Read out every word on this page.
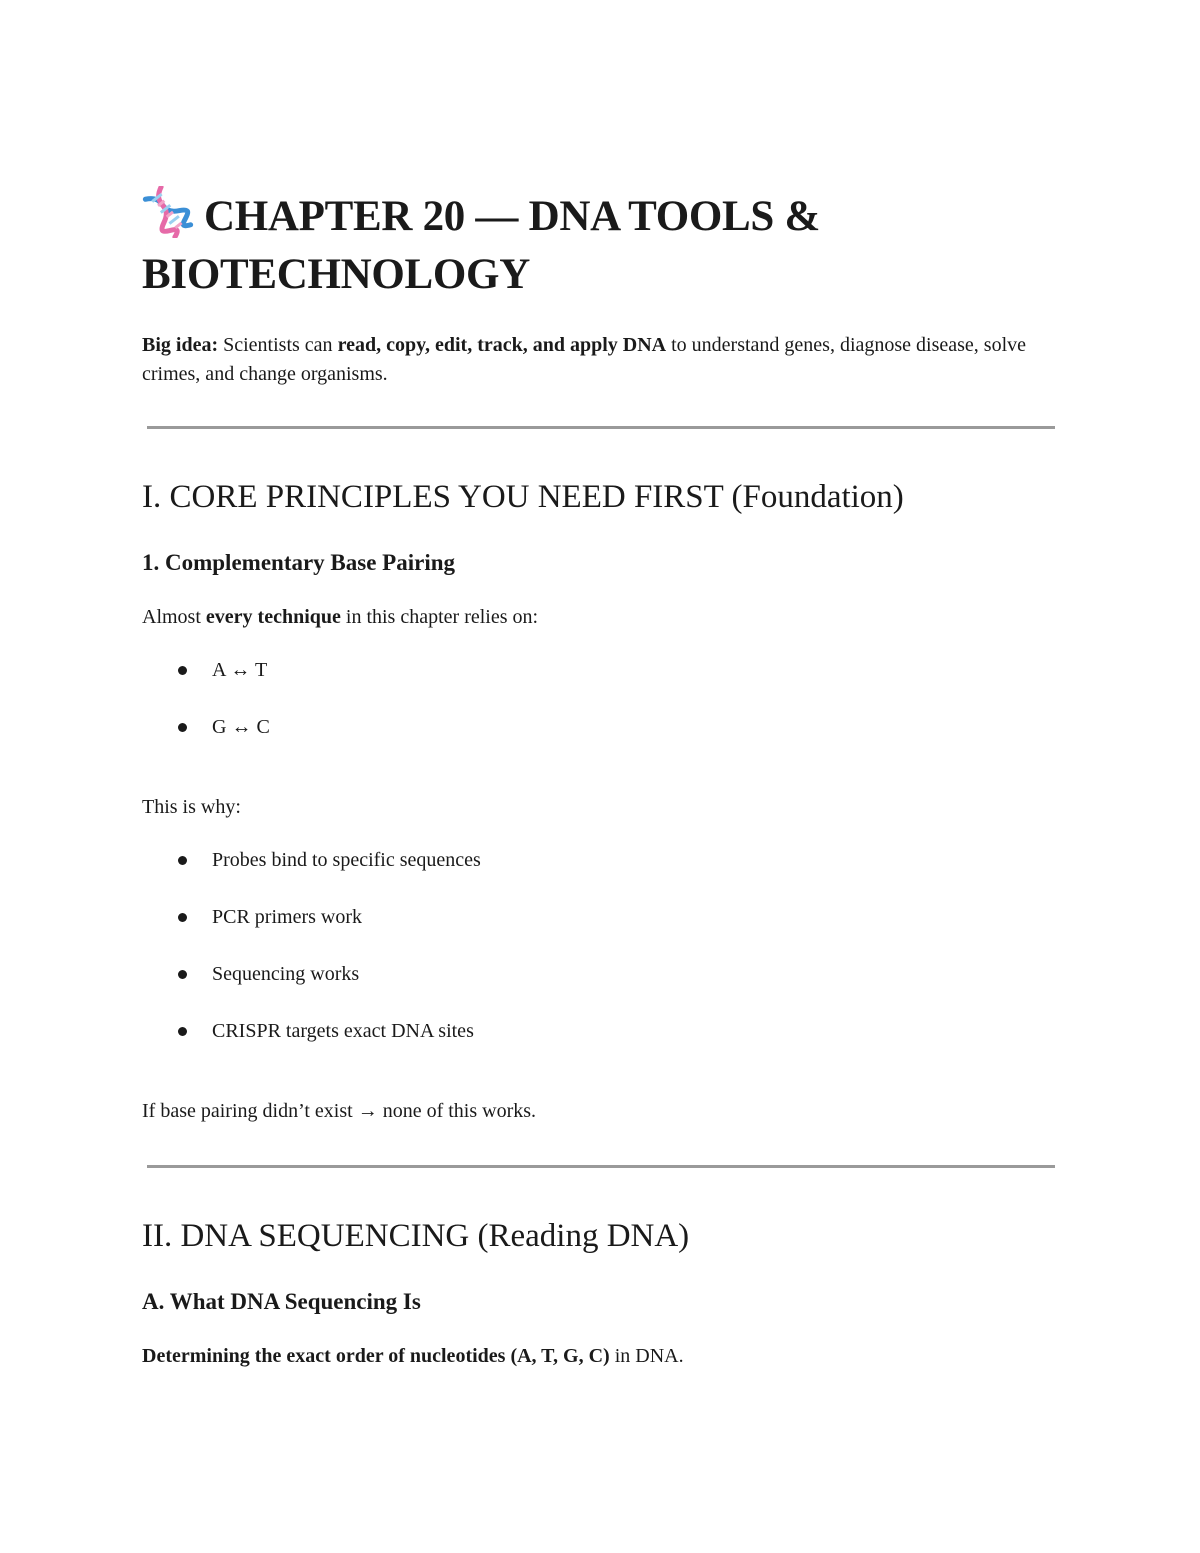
CHAPTER 20 — DNA TOOLS & BIOTECHNOLOGY

Big idea: Scientists can read, copy, edit, track, and apply DNA to understand genes, diagnose disease, solve crimes, and change organisms.

I. CORE PRINCIPLES YOU NEED FIRST (Foundation)
1. Complementary Base Pairing

Almost every technique in this chapter relies on:

A ↔ T
G ↔ C

This is why:

Probes bind to specific sequences
PCR primers work
Sequencing works
CRISPR targets exact DNA sites

If base pairing didn’t exist → none of this works.

II. DNA SEQUENCING (Reading DNA)
A. What DNA Sequencing Is

Determining the exact order of nucleotides (A, T, G, C) in DNA.
